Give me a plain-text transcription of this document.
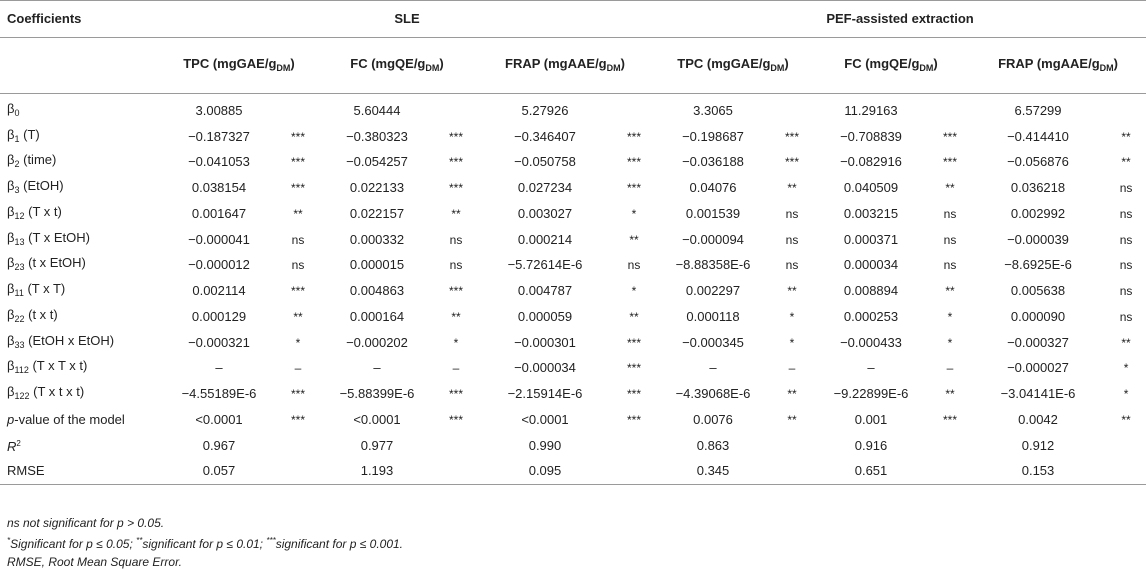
Coefficients	SLE						PEF-assisted extraction					
	TPC $(mgGAE/g_{DM})$		FC $(mgQE/g_{DM})$		FRAP $(mgAAE/g_{DM})$		TPC $(mgGAE/g_{DM})$		FC $(mgQE/g_{DM})$		FRAP $(mgAAE/g_{DM})$	
$\beta_0$	3.00885		5.60444		5.27926		3.3065		11.29163		6.57299	
$\beta_1$ (T)	−0.187327	***	−0.380323	***	−0.346407	***	−0.198687	***	−0.708839	***	−0.414410	**
$\beta_2$ (time)	−0.041053	***	−0.054257	***	−0.050758	***	−0.036188	***	−0.082916	***	−0.056876	**
$\beta_3$ (EtOH)	0.038154	***	0.022133	***	0.027234	***	0.04076	**	0.040509	**	0.036218	ns
$\beta_{12}$ (T x t)	0.001647	**	0.022157	**	0.003027	*	0.001539	ns	0.003215	ns	0.002992	ns
$\beta_{13}$ (T x EtOH)	−0.000041	ns	0.000332	ns	0.000214	**	−0.000094	ns	0.000371	ns	−0.000039	ns
$\beta_{23}$ (t x EtOH)	−0.000012	ns	0.000015	ns	−5.72614E-6	ns	−8.88358E-6	ns	0.000034	ns	−8.6925E-6	ns
$\beta_{11}$ (T x T)	0.002114	***	0.004863	***	0.004787	*	0.002297	**	0.008894	**	0.005638	ns
$\beta_{22}$ (t x t)	0.000129	**	0.000164	**	0.000059	**	0.000118	*	0.000253	*	0.000090	ns
$\beta_{33}$ (EtOH x EtOH)	−0.000321	*	−0.000202	*	−0.000301	***	−0.000345	*	−0.000433	*	−0.000327	**
$\beta_{112}$ (T x T x t)	–	–	–	–	−0.000034	***	–	–	–	–	−0.000027	*
$\beta_{122}$ (T x t x t)	−4.55189E-6	***	−5.88399E-6	***	−2.15914E-6	***	−4.39068E-6	**	−9.22899E-6	**	−3.04141E-6	*
p-value of the model	<0.0001	***	<0.0001	***	<0.0001	***	0.0076	**	0.001	***	0.0042	**
$R^2$	0.967		0.977		0.990		0.863		0.916		0.912	
RMSE	0.057		1.193		0.095		0.345		0.651		0.153	
ns not significant for p > 0.05.
*Significant for p ≤ 0.05; **significant for p ≤ 0.01; ***significant for p ≤ 0.001.
RMSE, Root Mean Square Error.
